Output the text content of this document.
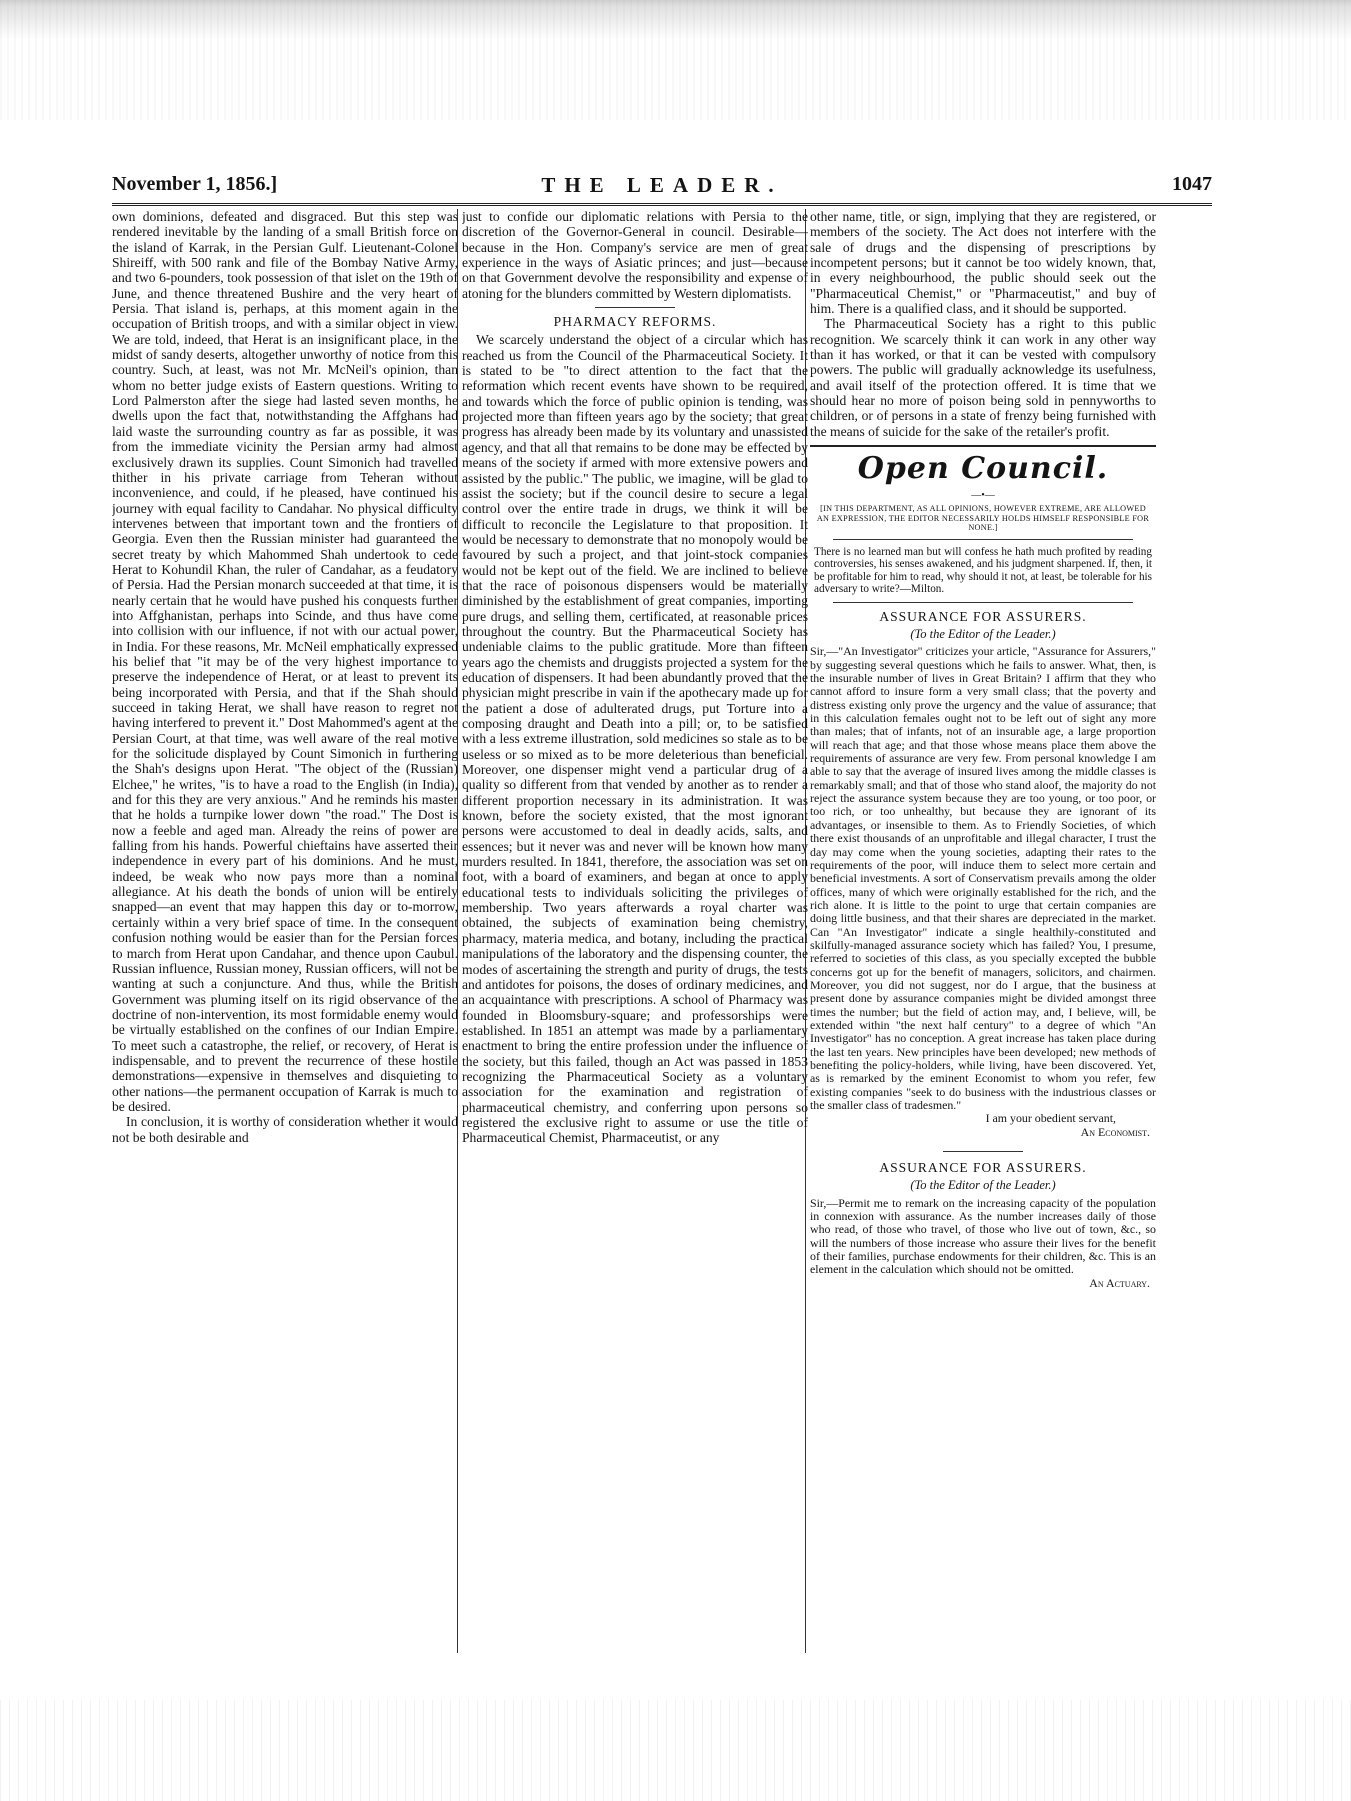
November 1, 1856.]	THE LEADER.	1047

own dominions, defeated and disgraced. But this step was rendered inevitable by the landing of a small British force on the island of Karrak, in the Persian Gulf. Lieutenant-Colonel Shireiff, with 500 rank and file of the Bombay Native Army, and two 6-pounders, took possession of that islet on the 19th of June, and thence threatened Bushire and the very heart of Persia. That island is, perhaps, at this moment again in the occupation of British troops, and with a similar object in view. We are told, indeed, that Herat is an insignificant place, in the midst of sandy deserts, altogether unworthy of notice from this country. Such, at least, was not Mr. McNeil's opinion, than whom no better judge exists of Eastern questions. Writing to Lord Palmerston after the siege had lasted seven months, he dwells upon the fact that, notwithstanding the Affghans had laid waste the surrounding country as far as possible, it was from the immediate vicinity the Persian army had almost exclusively drawn its supplies. Count Simonich had travelled thither in his private carriage from Teheran without inconvenience, and could, if he pleased, have continued his journey with equal facility to Candahar. No physical difficulty intervenes between that important town and the frontiers of Georgia. Even then the Russian minister had guaranteed the secret treaty by which Mahommed Shah undertook to cede Herat to Kohundil Khan, the ruler of Candahar, as a feudatory of Persia. Had the Persian monarch succeeded at that time, it is nearly certain that he would have pushed his conquests further into Affghanistan, perhaps into Scinde, and thus have come into collision with our influence, if not with our actual power, in India. For these reasons, Mr. McNeil emphatically expressed his belief that "it may be of the very highest importance to preserve the independence of Herat, or at least to prevent its being incorporated with Persia, and that if the Shah should succeed in taking Herat, we shall have reason to regret not having interfered to prevent it." Dost Mahommed's agent at the Persian Court, at that time, was well aware of the real motive for the solicitude displayed by Count Simonich in furthering the Shah's designs upon Herat. "The object of the (Russian) Elchee," he writes, "is to have a road to the English (in India), and for this they are very anxious." And he reminds his master that he holds a turnpike lower down "the road." The Dost is now a feeble and aged man. Already the reins of power are falling from his hands. Powerful chieftains have asserted their independence in every part of his dominions. And he must, indeed, be weak who now pays more than a nominal allegiance. At his death the bonds of union will be entirely snapped—an event that may happen this day or to-morrow, certainly within a very brief space of time. In the consequent confusion nothing would be easier than for the Persian forces to march from Herat upon Candahar, and thence upon Caubul. Russian influence, Russian money, Russian officers, will not be wanting at such a conjuncture. And thus, while the British Government was pluming itself on its rigid observance of the doctrine of non-intervention, its most formidable enemy would be virtually established on the confines of our Indian Empire. To meet such a catastrophe, the relief, or recovery, of Herat is indispensable, and to prevent the recurrence of these hostile demonstrations—expensive in themselves and disquieting to other nations—the permanent occupation of Karrak is much to be desired.

In conclusion, it is worthy of consideration whether it would not be both desirable and

just to confide our diplomatic relations with Persia to the discretion of the Governor-General in council. Desirable—because in the Hon. Company's service are men of great experience in the ways of Asiatic princes; and just—because on that Government devolve the responsibility and expense of atoning for the blunders committed by Western diplomatists.

PHARMACY REFORMS.

We scarcely understand the object of a circular which has reached us from the Council of the Pharmaceutical Society. It is stated to be "to direct attention to the fact that the reformation which recent events have shown to be required, and towards which the force of public opinion is tending, was projected more than fifteen years ago by the society; that great progress has already been made by its voluntary and unassisted agency, and that all that remains to be done may be effected by means of the society if armed with more extensive powers and assisted by the public." The public, we imagine, will be glad to assist the society; but if the council desire to secure a legal control over the entire trade in drugs, we think it will be difficult to reconcile the Legislature to that proposition. It would be necessary to demonstrate that no monopoly would be favoured by such a project, and that joint-stock companies would not be kept out of the field. We are inclined to believe that the race of poisonous dispensers would be materially diminished by the establishment of great companies, importing pure drugs, and selling them, certificated, at reasonable prices throughout the country. But the Pharmaceutical Society has undeniable claims to the public gratitude. More than fifteen years ago the chemists and druggists projected a system for the education of dispensers. It had been abundantly proved that the physician might prescribe in vain if the apothecary made up for the patient a dose of adulterated drugs, put Torture into a composing draught and Death into a pill; or, to be satisfied with a less extreme illustration, sold medicines so stale as to be useless or so mixed as to be more deleterious than beneficial. Moreover, one dispenser might vend a particular drug of a quality so different from that vended by another as to render a different proportion necessary in its administration. It was known, before the society existed, that the most ignorant persons were accustomed to deal in deadly acids, salts, and essences; but it never was and never will be known how many murders resulted. In 1841, therefore, the association was set on foot, with a board of examiners, and began at once to apply educational tests to individuals soliciting the privileges of membership. Two years afterwards a royal charter was obtained, the subjects of examination being chemistry, pharmacy, materia medica, and botany, including the practical manipulations of the laboratory and the dispensing counter, the modes of ascertaining the strength and purity of drugs, the tests and antidotes for poisons, the doses of ordinary medicines, and an acquaintance with prescriptions. A school of Pharmacy was founded in Bloomsbury-square; and professorships were established. In 1851 an attempt was made by a parliamentary enactment to bring the entire profession under the influence of the society, but this failed, though an Act was passed in 1853 recognizing the Pharmaceutical Society as a voluntary association for the examination and registration of pharmaceutical chemistry, and conferring upon persons so registered the exclusive right to assume or use the title of Pharmaceutical Chemist, Pharmaceutist, or any

other name, title, or sign, implying that they are registered, or members of the society. The Act does not interfere with the sale of drugs and the dispensing of prescriptions by incompetent persons; but it cannot be too widely known, that, in every neighbourhood, the public should seek out the "Pharmaceutical Chemist," or "Pharmaceutist," and buy of him. There is a qualified class, and it should be supported.

The Pharmaceutical Society has a right to this public recognition. We scarcely think it can work in any other way than it has worked, or that it can be vested with compulsory powers. The public will gradually acknowledge its usefulness, and avail itself of the protection offered. It is time that we should hear no more of poison being sold in pennyworths to children, or of persons in a state of frenzy being furnished with the means of suicide for the sake of the retailer's profit.

Open Council.
—•—
[IN THIS DEPARTMENT, AS ALL OPINIONS, HOWEVER EXTREME, ARE ALLOWED AN EXPRESSION, THE EDITOR NECESSARILY HOLDS HIMSELF RESPONSIBLE FOR NONE.]
There is no learned man but will confess he hath much profited by reading controversies, his senses awakened, and his judgment sharpened. If, then, it be profitable for him to read, why should it not, at least, be tolerable for his adversary to write?—Milton.
ASSURANCE FOR ASSURERS.
(To the Editor of the Leader.)

Sir,—"An Investigator" criticizes your article, "Assurance for Assurers," by suggesting several questions which he fails to answer. What, then, is the insurable number of lives in Great Britain? I affirm that they who cannot afford to insure form a very small class; that the poverty and distress existing only prove the urgency and the value of assurance; that in this calculation females ought not to be left out of sight any more than males; that of infants, not of an insurable age, a large proportion will reach that age; and that those whose means place them above the requirements of assurance are very few. From personal knowledge I am able to say that the average of insured lives among the middle classes is remarkably small; and that of those who stand aloof, the majority do not reject the assurance system because they are too young, or too poor, or too rich, or too unhealthy, but because they are ignorant of its advantages, or insensible to them. As to Friendly Societies, of which there exist thousands of an unprofitable and illegal character, I trust the day may come when the young societies, adapting their rates to the requirements of the poor, will induce them to select more certain and beneficial investments. A sort of Conservatism prevails among the older offices, many of which were originally established for the rich, and the rich alone. It is little to the point to urge that certain companies are doing little business, and that their shares are depreciated in the market. Can "An Investigator" indicate a single healthily-constituted and skilfully-managed assurance society which has failed? You, I presume, referred to societies of this class, as you specially excepted the bubble concerns got up for the benefit of managers, solicitors, and chairmen. Moreover, you did not suggest, nor do I argue, that the business at present done by assurance companies might be divided amongst three times the number; but the field of action may, and, I believe, will, be extended within "the next half century" to a degree of which "An Investigator" has no conception. A great increase has taken place during the last ten years. New principles have been developed; new methods of benefiting the policy-holders, while living, have been discovered. Yet, as is remarked by the eminent Economist to whom you refer, few existing companies "seek to do business with the industrious classes or the smaller class of tradesmen."

I am your obedient servant,
An Economist.
ASSURANCE FOR ASSURERS.
(To the Editor of the Leader.)

Sir,—Permit me to remark on the increasing capacity of the population in connexion with assurance. As the number increases daily of those who read, of those who travel, of those who live out of town, &c., so will the numbers of those increase who assure their lives for the benefit of their families, purchase endowments for their children, &c. This is an element in the calculation which should not be omitted.

An Actuary.
